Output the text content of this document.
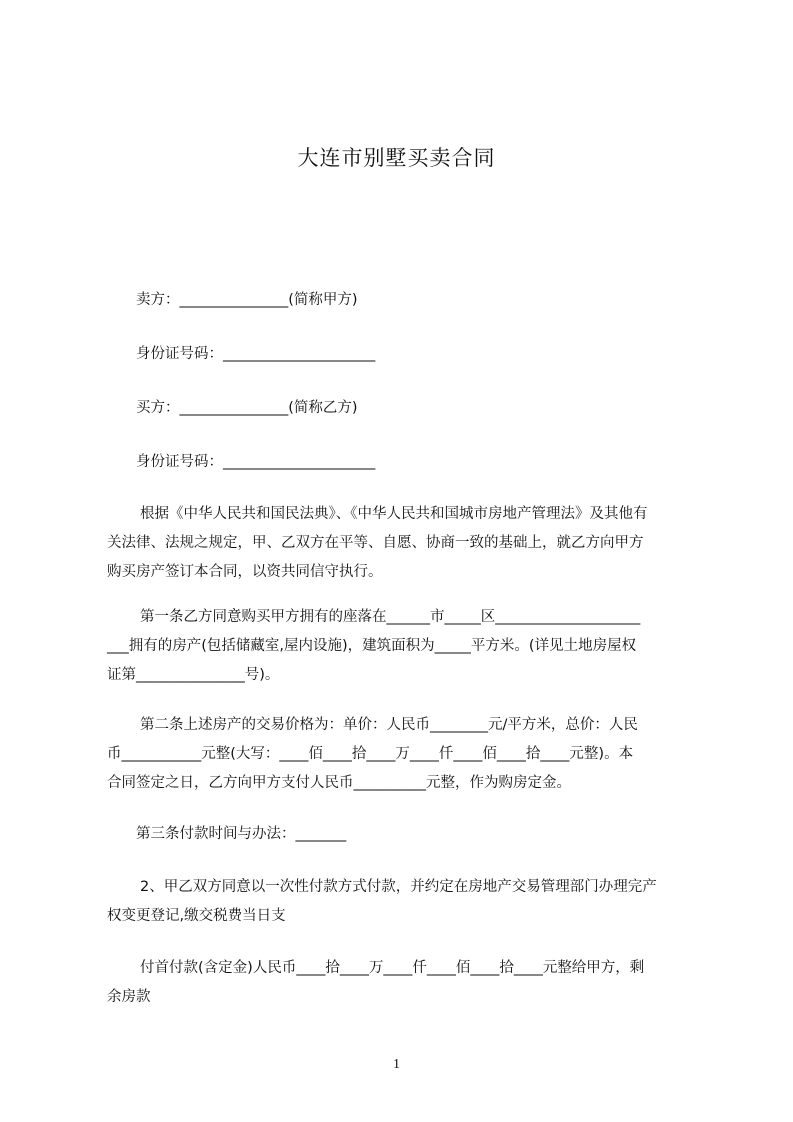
大连市别墅买卖合同
卖方：_______________(简称甲方)
身份证号码：_____________________
买方：_______________(简称乙方)
身份证号码：_____________________
根据《中华人民共和国民法典》、《中华人民共和国城市房地产管理法》及其他有
关法律、法规之规定，甲、乙双方在平等、自愿、协商一致的基础上，就乙方向甲方
购买房产签订本合同，以资共同信守执行。
第一条乙方同意购买甲方拥有的座落在______市_____区____________________
___拥有的房产(包括储藏室,屋内设施)，建筑面积为_____平方米。(详见土地房屋权
证第_______________号)。
第二条上述房产的交易价格为：单价：人民币________元/平方米，总价：人民
币___________元整(大写：____佰____拾____万____仟____佰____拾____元整)。本
合同签定之日，乙方向甲方支付人民币__________元整，作为购房定金。
第三条付款时间与办法：_______
2、甲乙双方同意以一次性付款方式付款，并约定在房地产交易管理部门办理完产
权变更登记,缴交税费当日支
付首付款(含定金)人民币____拾____万____仟____佰____拾____元整给甲方，剩
余房款
1
